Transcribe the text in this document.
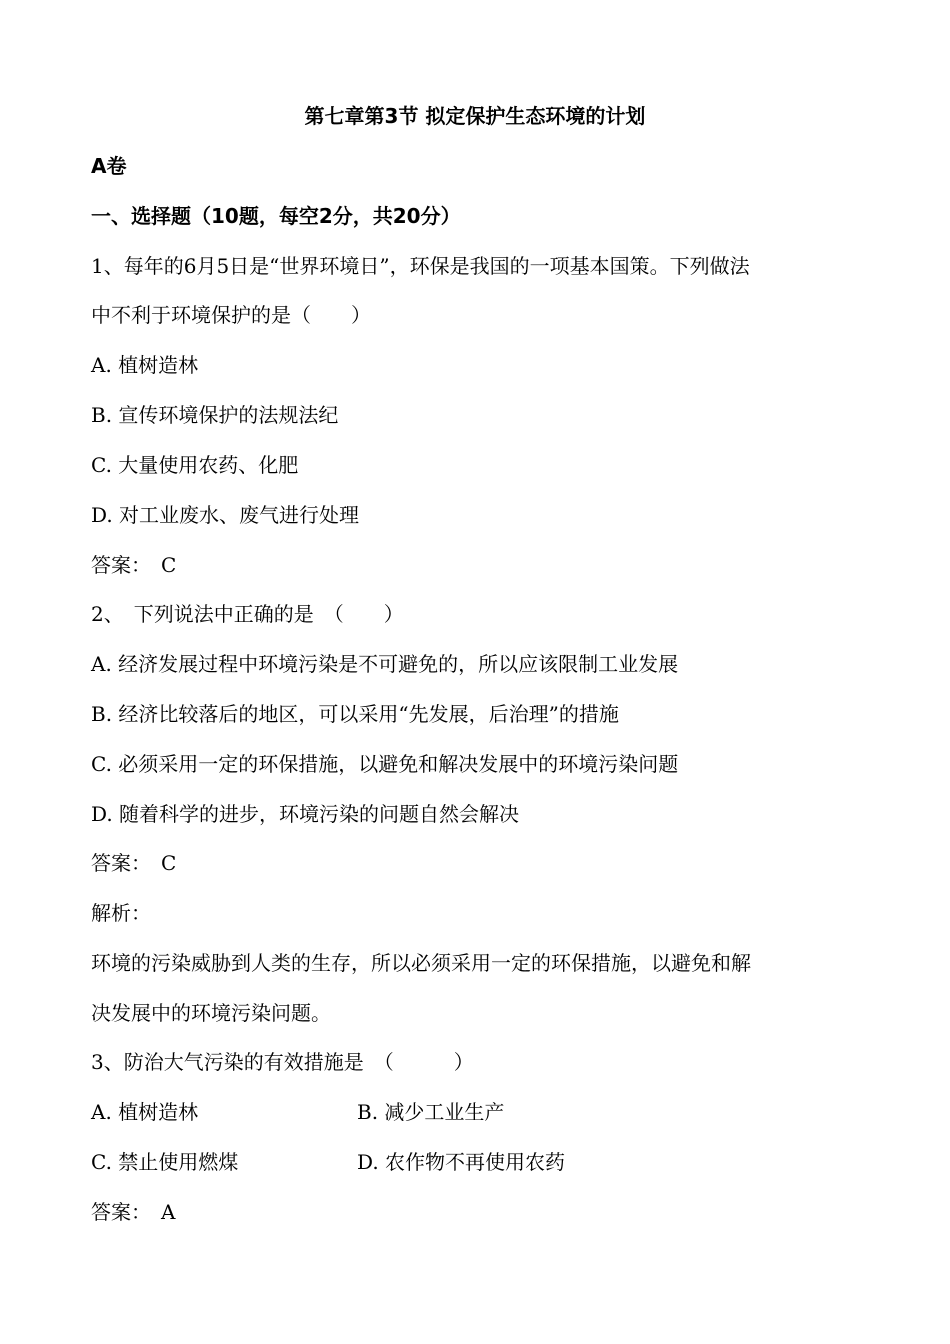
第七章第3节 拟定保护生态环境的计划
A卷
一、选择题（10题，每空2分，共20分）
1、每年的6月5日是“世界环境日”，环保是我国的一项基本国策。下列做法
中不利于环境保护的是（　　）
A. 植树造林
B. 宣传环境保护的法规法纪
C. 大量使用农药、化肥
D. 对工业废水、废气进行处理
答案：　C
2、　下列说法中正确的是　（　　）
A. 经济发展过程中环境污染是不可避免的，所以应该限制工业发展
B. 经济比较落后的地区，可以采用“先发展，后治理”的措施
C. 必须采用一定的环保措施，以避免和解决发展中的环境污染问题
D. 随着科学的进步，环境污染的问题自然会解决
答案：　C
解析：
环境的污染威胁到人类的生存，所以必须采用一定的环保措施，以避免和解
决发展中的环境污染问题。
3、防治大气污染的有效措施是　（　　　）
A. 植树造林	B. 减少工业生产
C. 禁止使用燃煤	D. 农作物不再使用农药
答案：　A
